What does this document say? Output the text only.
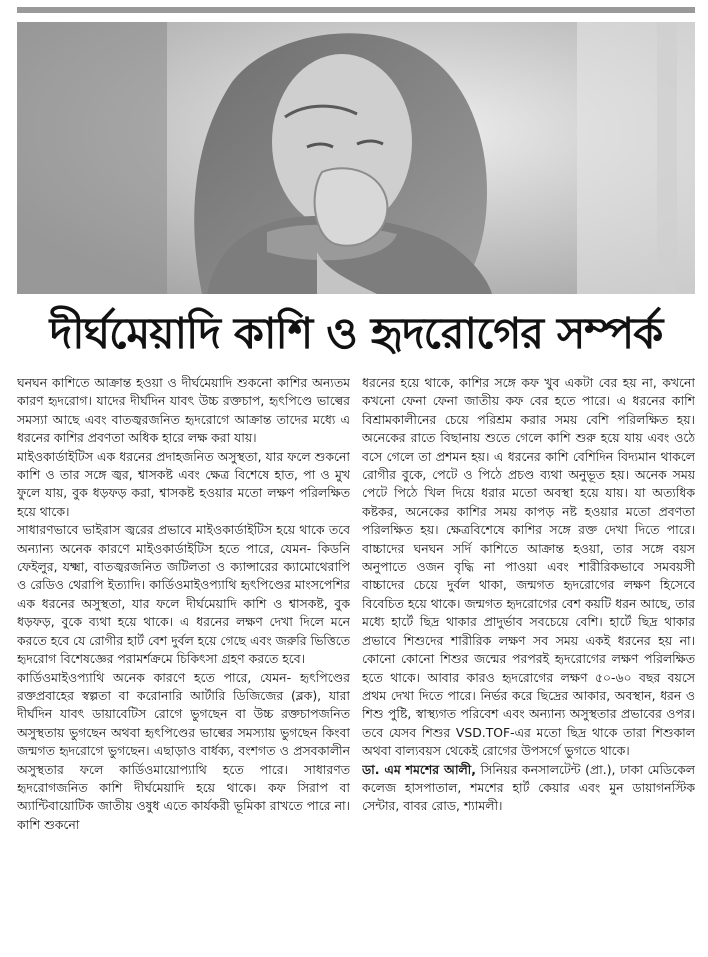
দীর্ঘমেয়াদি কাশি ও হৃদরোগের সম্পর্ক

ঘনঘন কাশিতে আক্রান্ত হওয়া ও দীর্ঘমেয়াদি শুকনো কাশির অন্যতম কারণ হৃদরোগ। যাদের দীর্ঘদিন যাবৎ উচ্চ রক্তচাপ, হৃৎপিণ্ডে ভাল্বের সমস্যা আছে এবং বাতজ্বরজনিত হৃদরোগে আক্রান্ত তাদের মধ্যে এ ধরনের কাশির প্রবণতা অধিক হারে লক্ষ করা যায়।

মাইওকার্ডাইটিস এক ধরনের প্রদাহজনিত অসুস্থতা, যার ফলে শুকনো কাশি ও তার সঙ্গে জ্বর, শ্বাসকষ্ট এবং ক্ষেত্র বিশেষে হাত, পা ও মুখ ফুলে যায়, বুক ধড়ফড় করা, শ্বাসকষ্ট হওয়ার মতো লক্ষণ পরিলক্ষিত হয়ে থাকে।

সাধারণভাবে ভাইরাস জ্বরের প্রভাবে মাইওকার্ডাইটিস হয়ে থাকে তবে অন্যান্য অনেক কারণে মাইওকার্ডাইটিস হতে পারে, যেমন- কিডনি ফেইলুর, যক্ষ্মা, বাতজ্বরজনিত জটিলতা ও ক্যান্সারের ক্যামোথেরাপি ও রেডিও থেরাপি ইত্যাদি। কার্ডিওমাইওপ্যাথি হৃৎপিণ্ডের মাংসপেশির এক ধরনের অসুস্থতা, যার ফলে দীর্ঘমেয়াদি কাশি ও শ্বাসকষ্ট, বুক ধড়ফড়, বুকে ব্যথা হয়ে থাকে। এ ধরনের লক্ষণ দেখা দিলে মনে করতে হবে যে রোগীর হার্ট বেশ দুর্বল হয়ে গেছে এবং জরুরি ভিত্তিতে হৃদরোগ বিশেষজ্ঞের পরামর্শক্রমে চিকিৎসা গ্রহণ করতে হবে।

কার্ডিওমাইওপ্যাথি অনেক কারণে হতে পারে, যেমন- হৃৎপিণ্ডের রক্তপ্রবাহের স্বল্পতা বা করোনারি আর্টারি ডিজিজের (ব্লক), যারা দীর্ঘদিন যাবৎ ডায়াবেটিস রোগে ভুগছেন বা উচ্চ রক্তচাপজনিত অসুস্থতায় ভুগছেন অথবা হৃৎপিণ্ডের ভাল্বের সমস্যায় ভুগছেন কিংবা জন্মগত হৃদরোগে ভুগছেন। এছাড়াও বার্ধক্য, বংশগত ও প্রসবকালীন অসুস্থতার ফলে কার্ডিওমায়োপ্যাথি হতে পারে। সাধারণত হৃদরোগজনিত কাশি দীর্ঘমেয়াদি হয়ে থাকে। কফ সিরাপ বা অ্যান্টিবায়োটিক জাতীয় ওষুধ এতে কার্যকরী ভূমিকা রাখতে পারে না। কাশি শুকনো

ধরনের হয়ে থাকে, কাশির সঙ্গে কফ খুব একটা বের হয় না, কখনো কখনো ফেনা ফেনা জাতীয় কফ বের হতে পারে। এ ধরনের কাশি বিশ্রামকালীনের চেয়ে পরিশ্রম করার সময় বেশি পরিলক্ষিত হয়। অনেকের রাতে বিছানায় শুতে গেলে কাশি শুরু হয়ে যায় এবং ওঠে বসে গেলে তা প্রশমন হয়। এ ধরনের কাশি বেশিদিন বিদ্যমান থাকলে রোগীর বুকে, পেটে ও পিঠে প্রচণ্ড ব্যথা অনুভূত হয়। অনেক সময় পেটে পিঠে খিল দিয়ে ধরার মতো অবস্থা হয়ে যায়। যা অত্যধিক কষ্টকর, অনেকের কাশির সময় কাপড় নষ্ট হওয়ার মতো প্রবণতা পরিলক্ষিত হয়। ক্ষেত্রবিশেষে কাশির সঙ্গে রক্ত দেখা দিতে পারে। বাচ্চাদের ঘনঘন সর্দি কাশিতে আক্রান্ত হওয়া, তার সঙ্গে বয়স অনুপাতে ওজন বৃদ্ধি না পাওয়া এবং শারীরিকভাবে সমবয়সী বাচ্চাদের চেয়ে দুর্বল থাকা, জন্মগত হৃদরোগের লক্ষণ হিসেবে বিবেচিত হয়ে থাকে। জন্মগত হৃদরোগের বেশ কয়টি ধরন আছে, তার মধ্যে হার্টে ছিদ্র থাকার প্রাদুর্ভাব সবচেয়ে বেশি। হার্টে ছিদ্র থাকার প্রভাবে শিশুদের শারীরিক লক্ষণ সব সময় একই ধরনের হয় না। কোনো কোনো শিশুর জন্মের পরপরই হৃদরোগের লক্ষণ পরিলক্ষিত হতে থাকে। আবার কারও হৃদরোগের লক্ষণ ৫০-৬০ বছর বয়সে প্রথম দেখা দিতে পারে। নির্ভর করে ছিদ্রের আকার, অবস্থান, ধরন ও শিশু পুষ্টি, স্বাস্থ্যগত পরিবেশ এবং অন্যান্য অসুস্থতার প্রভাবের ওপর। তবে যেসব শিশুর VSD.TOF-এর মতো ছিদ্র থাকে তারা শিশুকাল অথবা বাল্যবয়স থেকেই রোগের উপসর্গে ভুগতে থাকে।

ডা. এম শমশের আলী, সিনিয়র কনসালটেন্ট (প্রা.), ঢাকা মেডিকেল কলেজ হাসপাতাল, শমশের হার্ট কেয়ার এবং মুন ডায়াগনস্টিক সেন্টার, বাবর রোড, শ্যামলী।
